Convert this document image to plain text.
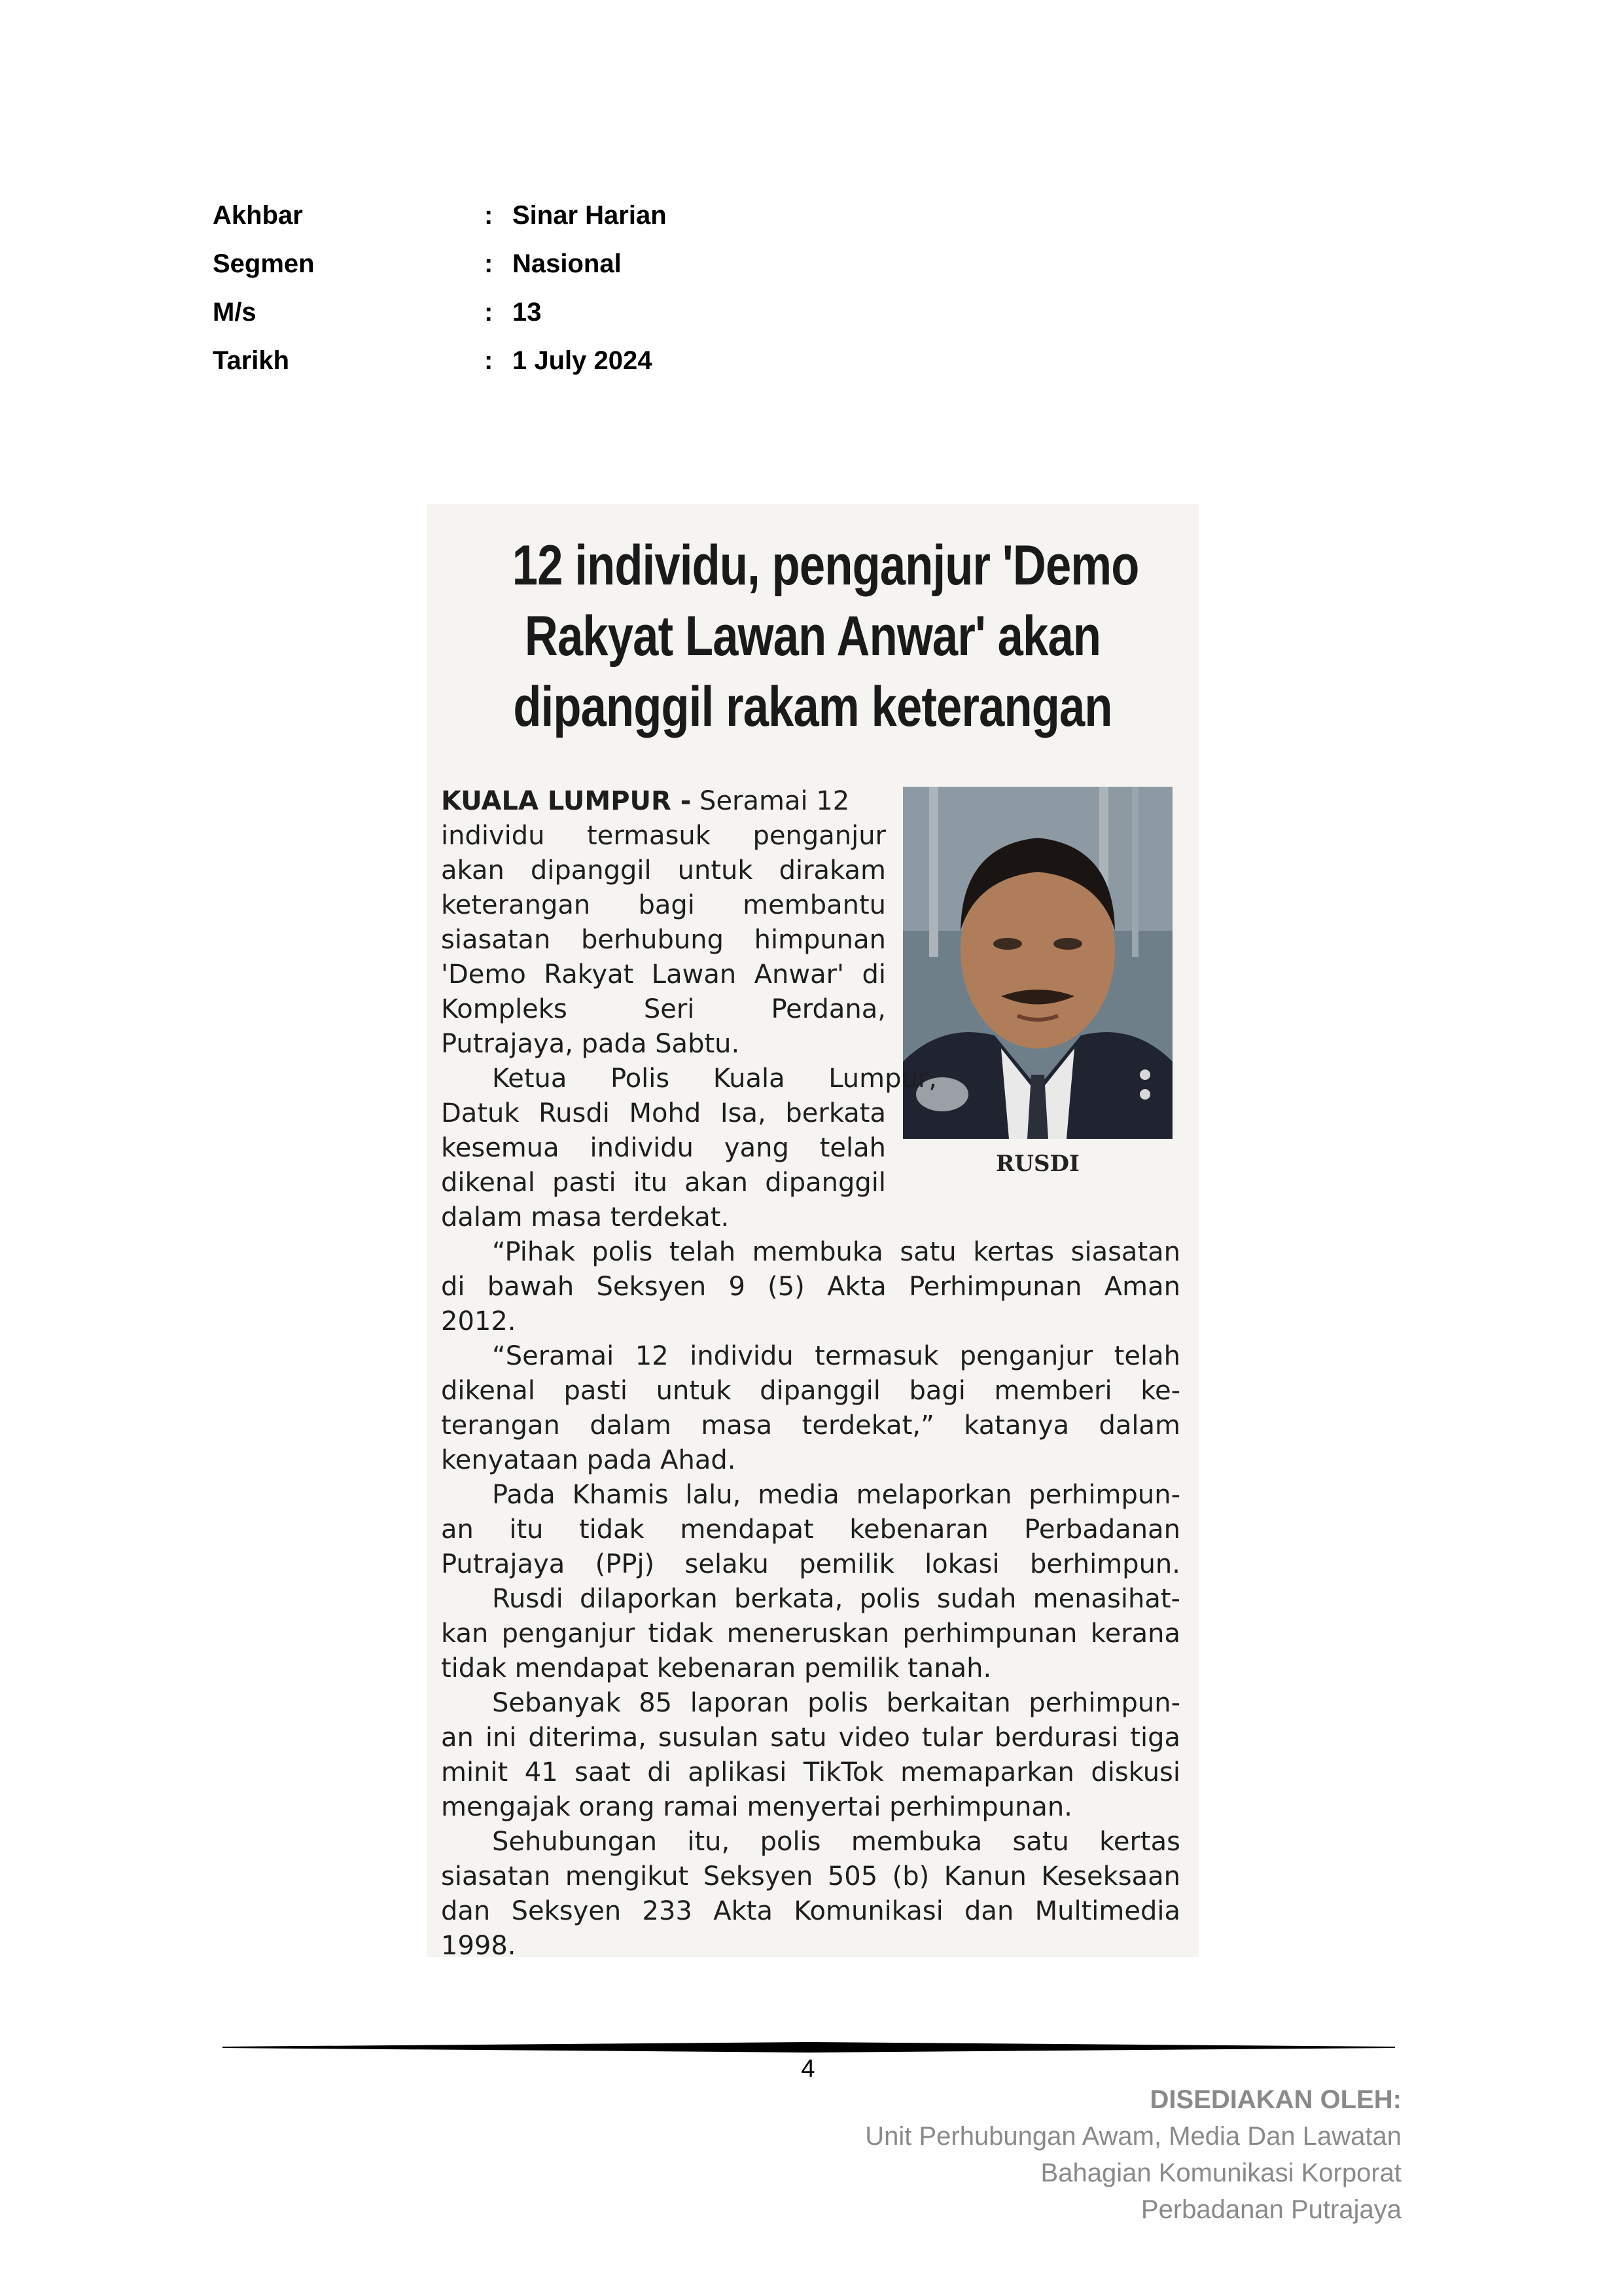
Akhbar	: Sinar Harian
Segmen	: Nasional
M/s	: 13
Tarikh	: 1 July 2024
12 individu, penganjur 'Demo
Rakyat Lawan Anwar' akan
dipanggil rakam keterangan
RUSDI
KUALA LUMPUR - Seramai 12
individu termasuk penganjur
akan dipanggil untuk dirakam
keterangan bagi membantu
siasatan berhubung himpunan
'Demo Rakyat Lawan Anwar' di
Kompleks Seri Perdana,
Putrajaya, pada Sabtu.
Ketua Polis Kuala Lumpur,
Datuk Rusdi Mohd Isa, berkata
kesemua individu yang telah
dikenal pasti itu akan dipanggil
dalam masa terdekat.
“Pihak polis telah membuka satu kertas siasatan
di bawah Seksyen 9 (5) Akta Perhimpunan Aman
2012.
“Seramai 12 individu termasuk penganjur telah
dikenal pasti untuk dipanggil bagi memberi ke-
terangan dalam masa terdekat,” katanya dalam
kenyataan pada Ahad.
Pada Khamis lalu, media melaporkan perhimpun-
an itu tidak mendapat kebenaran Perbadanan
Putrajaya (PPj) selaku pemilik lokasi berhimpun.
Rusdi dilaporkan berkata, polis sudah menasihat-
kan penganjur tidak meneruskan perhimpunan kerana
tidak mendapat kebenaran pemilik tanah.
Sebanyak 85 laporan polis berkaitan perhimpun-
an ini diterima, susulan satu video tular berdurasi tiga
minit 41 saat di aplikasi TikTok memaparkan diskusi
mengajak orang ramai menyertai perhimpunan.
Sehubungan itu, polis membuka satu kertas
siasatan mengikut Seksyen 505 (b) Kanun Keseksaan
dan Seksyen 233 Akta Komunikasi dan Multimedia
1998.
4
DISEDIAKAN OLEH:
Unit Perhubungan Awam, Media Dan Lawatan
Bahagian Komunikasi Korporat
Perbadanan Putrajaya
